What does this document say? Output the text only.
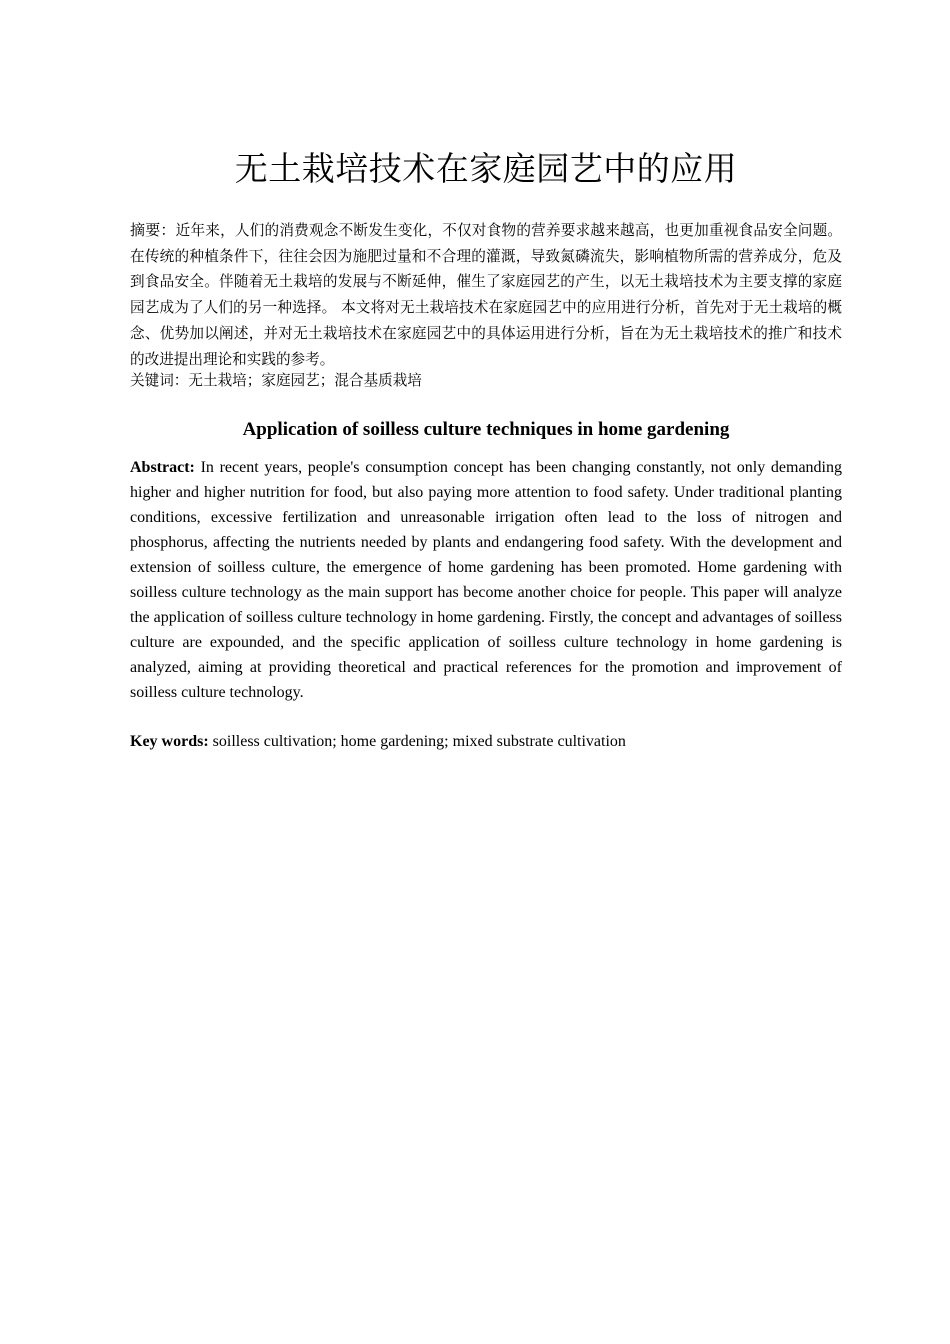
无土栽培技术在家庭园艺中的应用
摘要：近年来，人们的消费观念不断发生变化，不仅对食物的营养要求越来越高，也更加重视食品安全问题。在传统的种植条件下，往往会因为施肥过量和不合理的灌溉，导致氮磷流失，影响植物所需的营养成分，危及到食品安全。伴随着无土栽培的发展与不断延伸，催生了家庭园艺的产生，以无土栽培技术为主要支撑的家庭园艺成为了人们的另一种选择。 本文将对无土栽培技术在家庭园艺中的应用进行分析，首先对于无土栽培的概念、优势加以阐述，并对无土栽培技术在家庭园艺中的具体运用进行分析，旨在为无土栽培技术的推广和技术的改进提出理论和实践的参考。
关键词：无土栽培；家庭园艺；混合基质栽培
Application of soilless culture techniques in home gardening
Abstract: In recent years, people's consumption concept has been changing constantly, not only demanding higher and higher nutrition for food, but also paying more attention to food safety. Under traditional planting conditions, excessive fertilization and unreasonable irrigation often lead to the loss of nitrogen and phosphorus, affecting the nutrients needed by plants and endangering food safety. With the development and extension of soilless culture, the emergence of home gardening has been promoted. Home gardening with soilless culture technology as the main support has become another choice for people. This paper will analyze the application of soilless culture technology in home gardening. Firstly, the concept and advantages of soilless culture are expounded, and the specific application of soilless culture technology in home gardening is analyzed, aiming at providing theoretical and practical references for the promotion and improvement of soilless culture technology.
Key words: soilless cultivation; home gardening; mixed substrate cultivation
